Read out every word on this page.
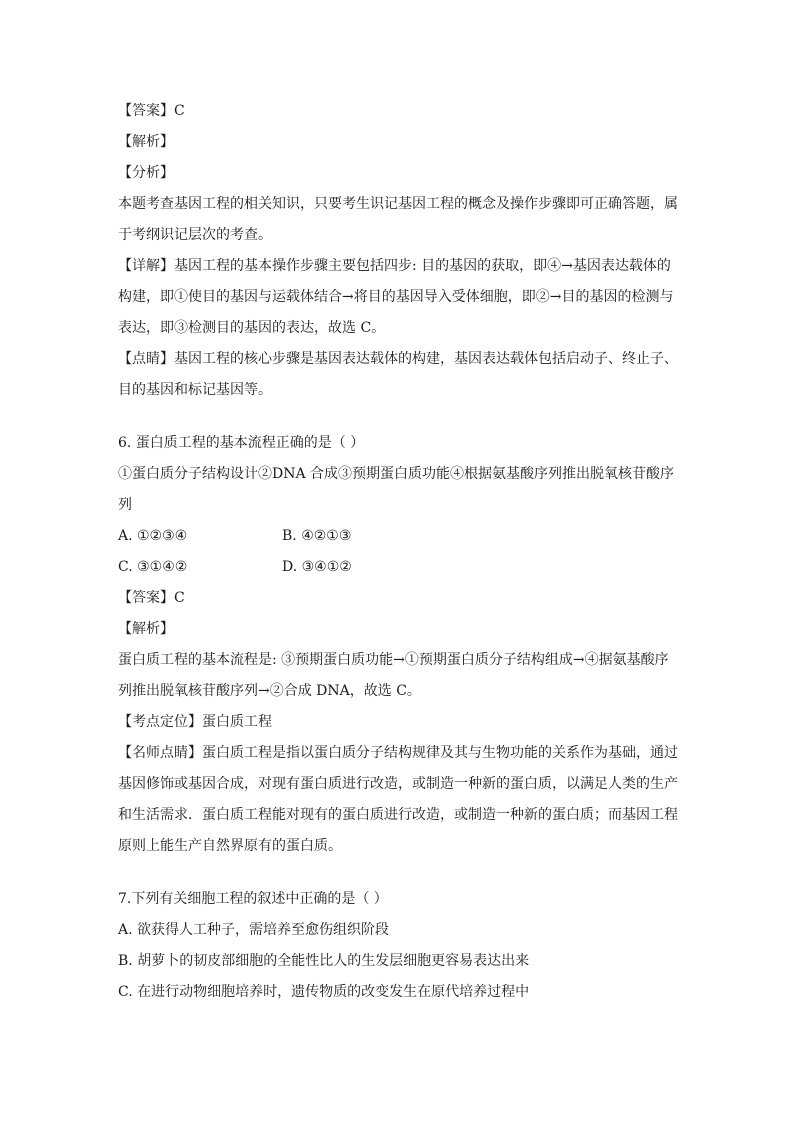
【答案】C
【解析】
【分析】
本题考查基因工程的相关知识，只要考生识记基因工程的概念及操作步骤即可正确答题，属
于考纲识记层次的考查。
【详解】基因工程的基本操作步骤主要包括四步: 目的基因的获取，即④→基因表达载体的
构建，即①使目的基因与运载体结合→将目的基因导入受体细胞，即②→目的基因的检测与
表达，即③检测目的基因的表达，故选 C。
【点睛】基因工程的核心步骤是基因表达载体的构建，基因表达载体包括启动子、终止子、
目的基因和标记基因等。
6. 蛋白质工程的基本流程正确的是（ ）
①蛋白质分子结构设计②DNA 合成③预期蛋白质功能④根据氨基酸序列推出脱氧核苷酸序
列
A. ①②③④	B. ④②①③
C. ③①④②	D. ③④①②
【答案】C
【解析】
蛋白质工程的基本流程是: ③预期蛋白质功能→①预期蛋白质分子结构组成→④据氨基酸序
列推出脱氧核苷酸序列→②合成 DNA，故选 C。
【考点定位】蛋白质工程
【名师点睛】蛋白质工程是指以蛋白质分子结构规律及其与生物功能的关系作为基础，通过
基因修饰或基因合成，对现有蛋白质进行改造，或制造一种新的蛋白质，以满足人类的生产
和生活需求．蛋白质工程能对现有的蛋白质进行改造，或制造一种新的蛋白质；而基因工程
原则上能生产自然界原有的蛋白质。
7.下列有关细胞工程的叙述中正确的是（ ）
A. 欲获得人工种子，需培养至愈伤组织阶段
B. 胡萝卜的韧皮部细胞的全能性比人的生发层细胞更容易表达出来
C. 在进行动物细胞培养时，遗传物质的改变发生在原代培养过程中
